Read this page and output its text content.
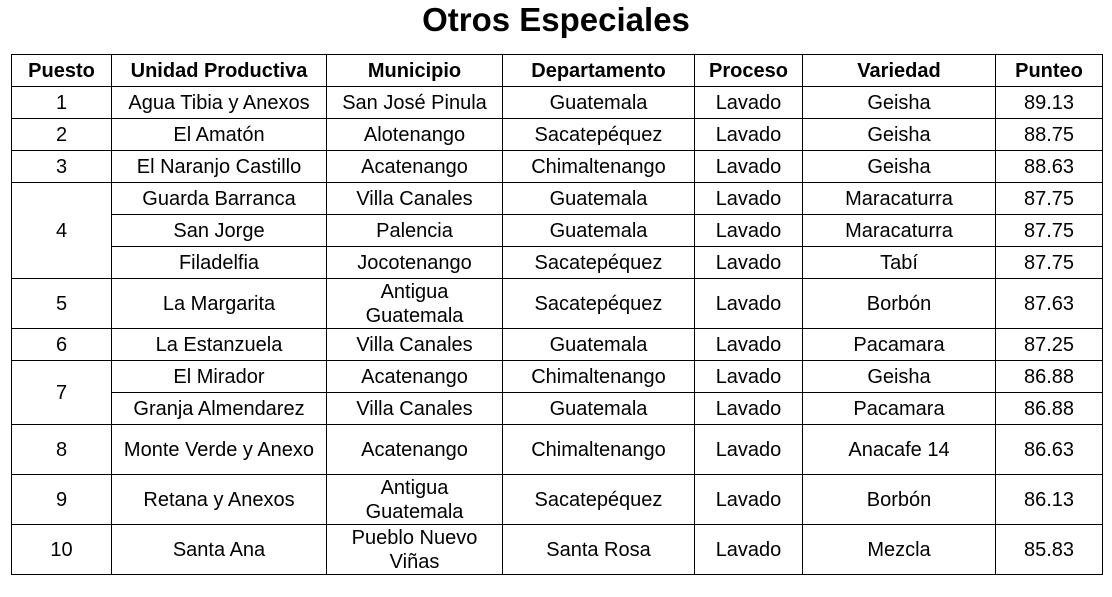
Otros Especiales
Puesto	Unidad Productiva	Municipio	Departamento	Proceso	Variedad	Punteo
1	Agua Tibia y Anexos	San José Pinula	Guatemala	Lavado	Geisha	89.13
2	El Amatón	Alotenango	Sacatepéquez	Lavado	Geisha	88.75
3	El Naranjo Castillo	Acatenango	Chimaltenango	Lavado	Geisha	88.63
4	Guarda Barranca	Villa Canales	Guatemala	Lavado	Maracaturra	87.75
	San Jorge	Palencia	Guatemala	Lavado	Maracaturra	87.75
	Filadelfia	Jocotenango	Sacatepéquez	Lavado	Tabí	87.75
5	La Margarita	Antigua Guatemala	Sacatepéquez	Lavado	Borbón	87.63
6	La Estanzuela	Villa Canales	Guatemala	Lavado	Pacamara	87.25
7	El Mirador	Acatenango	Chimaltenango	Lavado	Geisha	86.88
	Granja Almendarez	Villa Canales	Guatemala	Lavado	Pacamara	86.88
8	Monte Verde y Anexo	Acatenango	Chimaltenango	Lavado	Anacafe 14	86.63
9	Retana y Anexos	Antigua Guatemala	Sacatepéquez	Lavado	Borbón	86.13
10	Santa Ana	Pueblo Nuevo Viñas	Santa Rosa	Lavado	Mezcla	85.83
